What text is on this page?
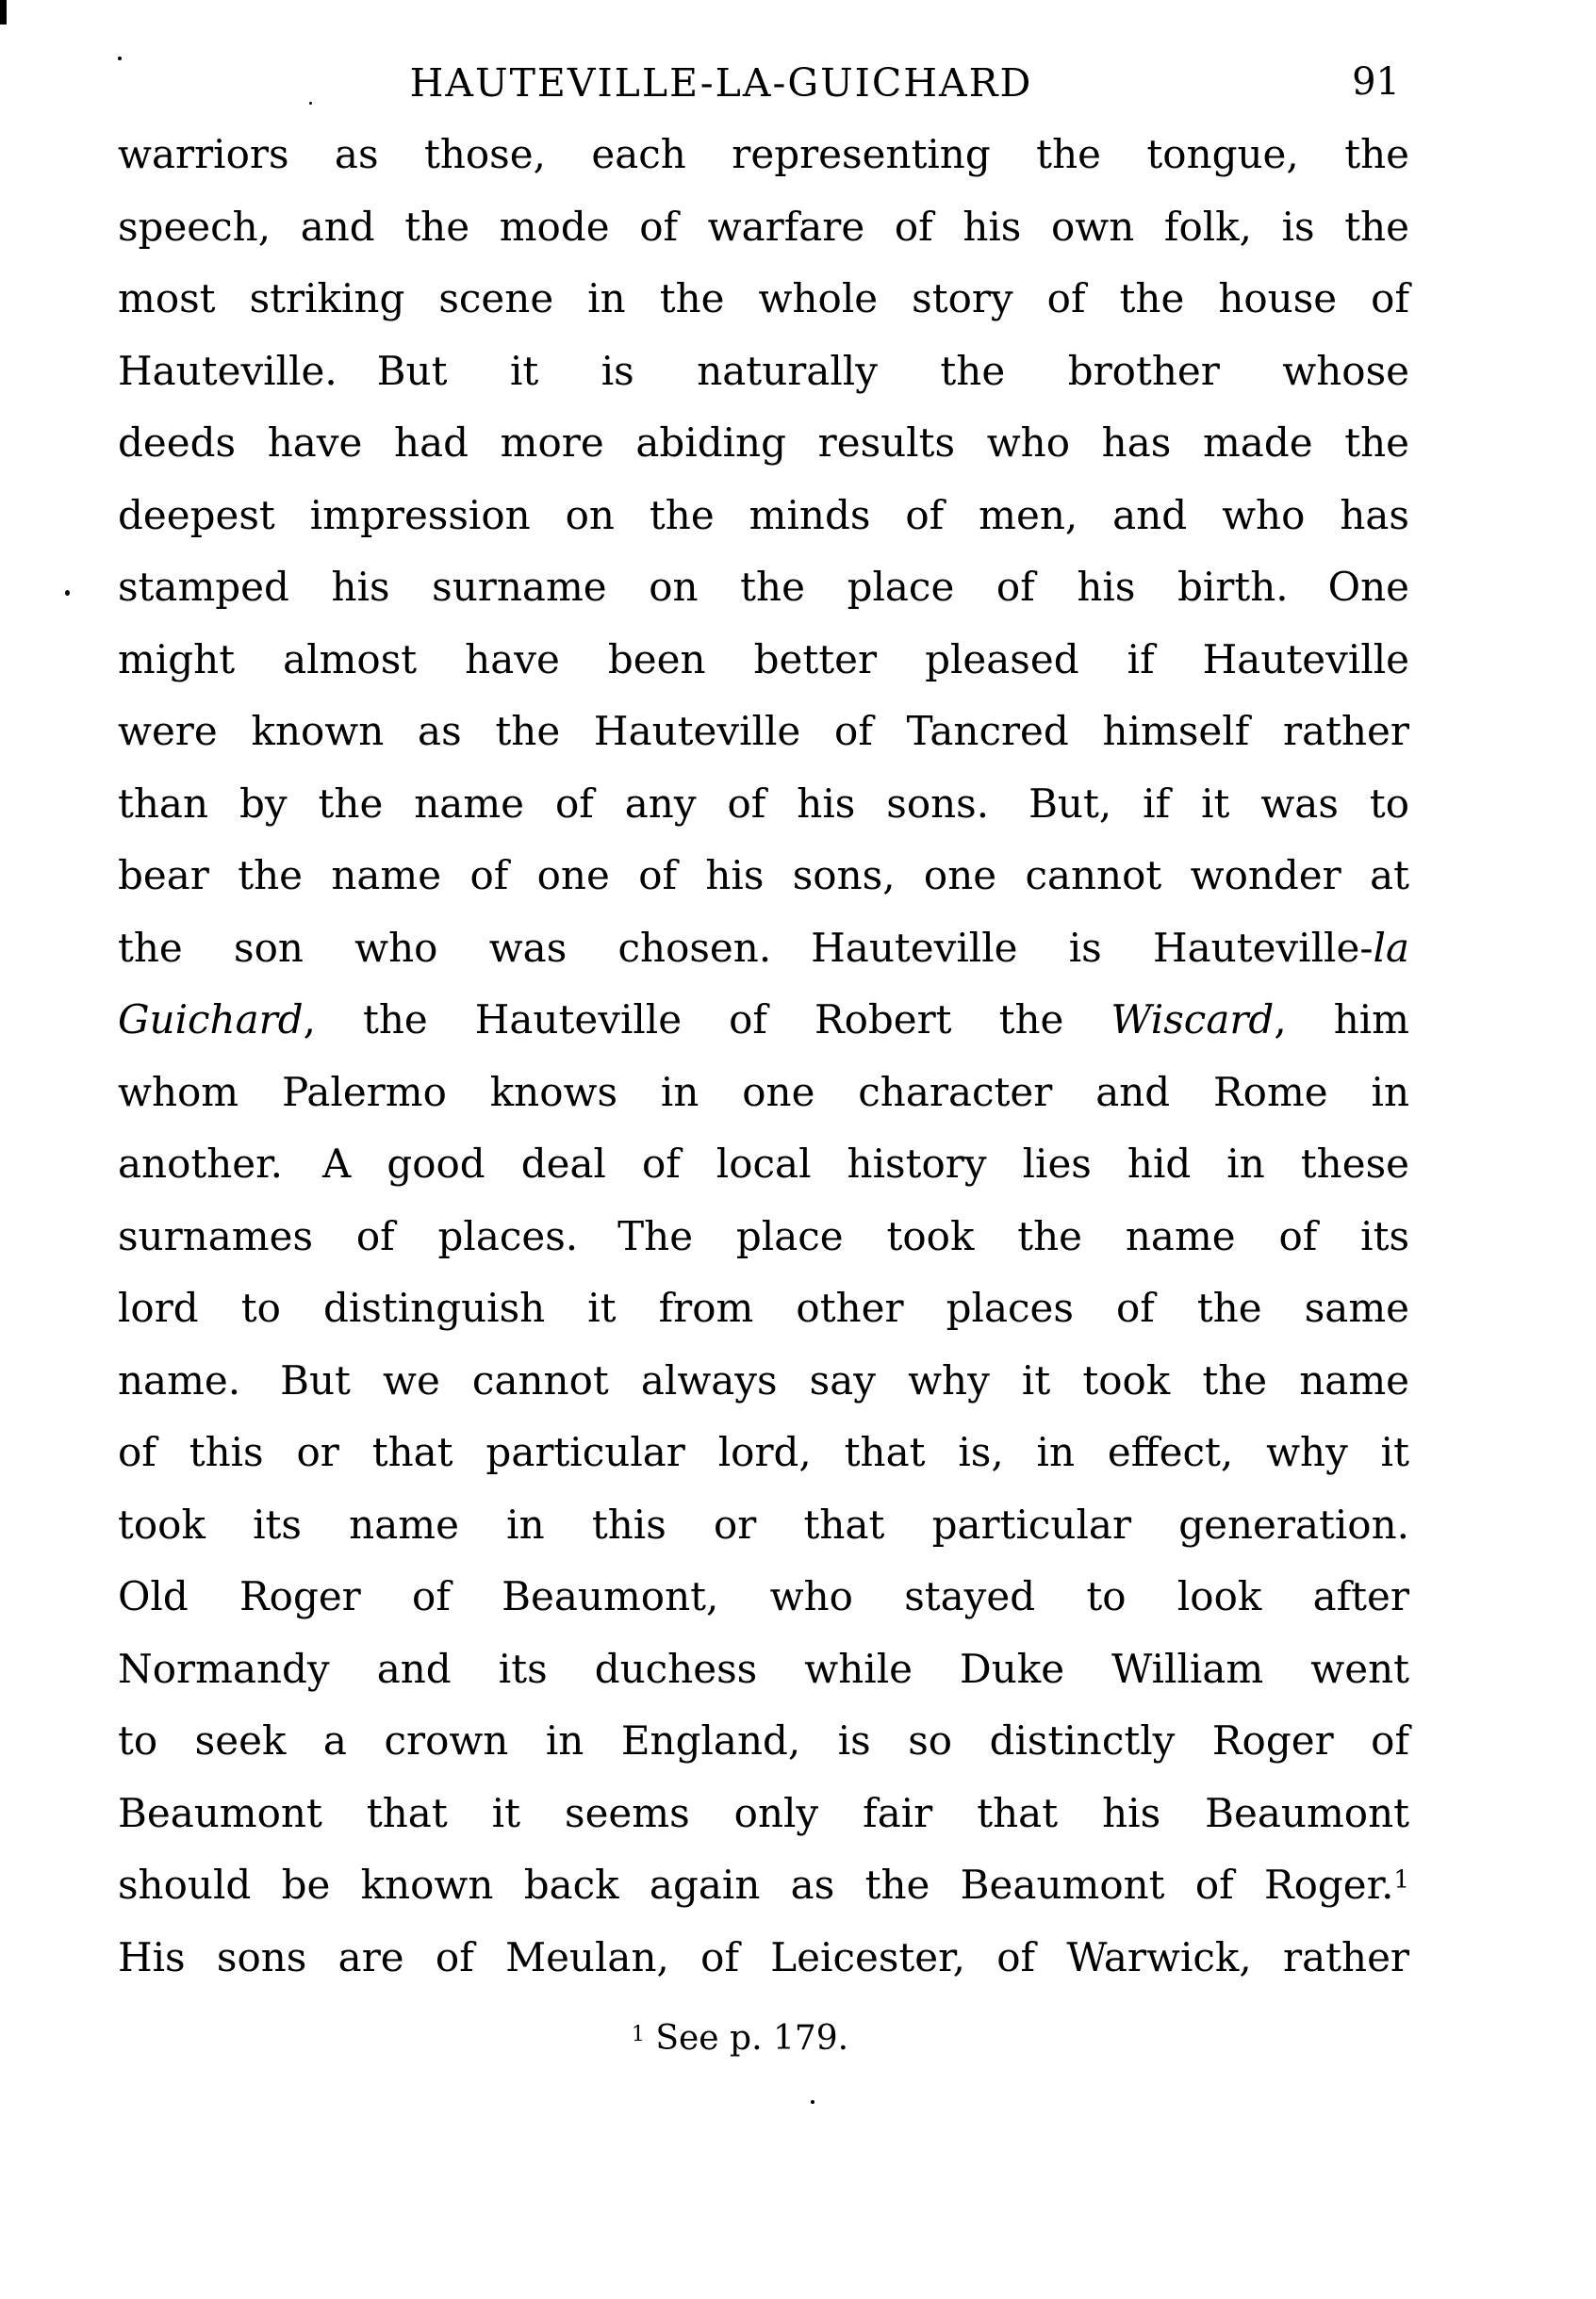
HAUTEVILLE-LA-GUICHARD	91
warriors as those, each representing the tongue, the
speech, and the mode of warfare of his own folk, is the
most striking scene in the whole story of the house of
Hauteville. But it is naturally the brother whose
deeds have had more abiding results who has made the
deepest impression on the minds of men, and who has
stamped his surname on the place of his birth. One
might almost have been better pleased if Hauteville
were known as the Hauteville of Tancred himself rather
than by the name of any of his sons. But, if it was to
bear the name of one of his sons, one cannot wonder at
the son who was chosen. Hauteville is Hauteville-la
Guichard, the Hauteville of Robert the Wiscard, him
whom Palermo knows in one character and Rome in
another. A good deal of local history lies hid in these
surnames of places. The place took the name of its
lord to distinguish it from other places of the same
name. But we cannot always say why it took the name
of this or that particular lord, that is, in effect, why it
took its name in this or that particular generation.
Old Roger of Beaumont, who stayed to look after
Normandy and its duchess while Duke William went
to seek a crown in England, is so distinctly Roger of
Beaumont that it seems only fair that his Beaumont
should be known back again as the Beaumont of Roger.$^1$
His sons are of Meulan, of Leicester, of Warwick, rather
$^1$ See p. 179.
